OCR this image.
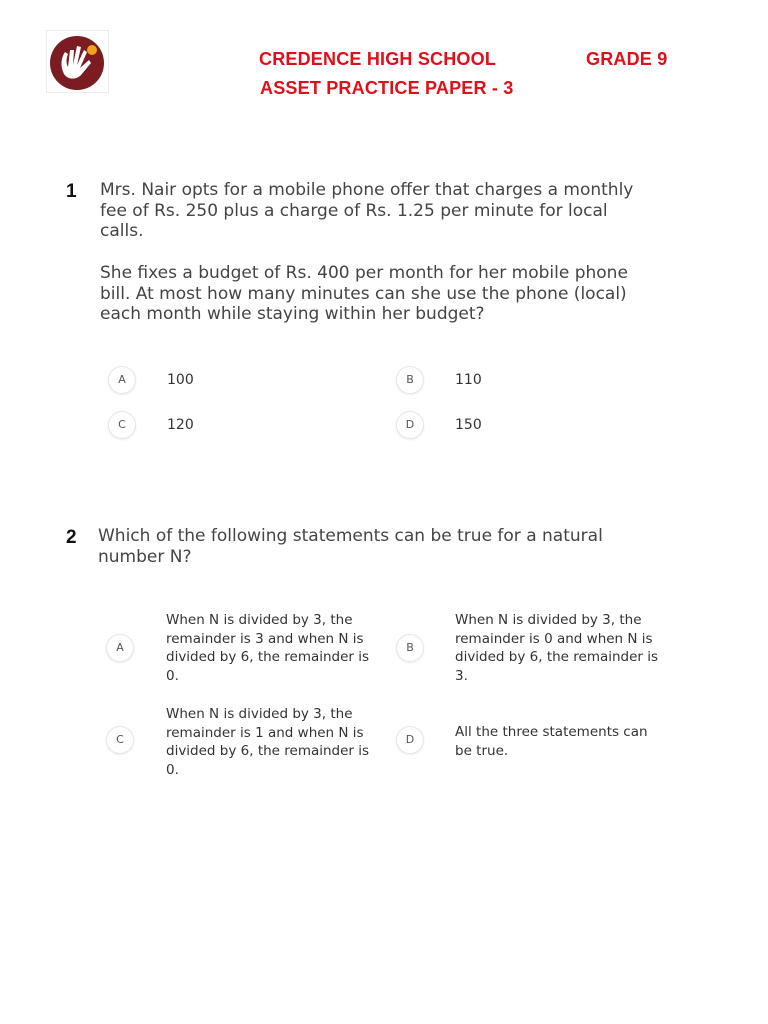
CREDENCE HIGH SCHOOL	GRADE 9
ASSET PRACTICE PAPER - 3
1 Mrs. Nair opts for a mobile phone offer that charges a monthly
fee of Rs. 250 plus a charge of Rs. 1.25 per minute for local
calls.
She fixes a budget of Rs. 400 per month for her mobile phone
bill. At most how many minutes can she use the phone (local)
each month while staying within her budget?
A	100	B	110
C	120	D	150
2 Which of the following statements can be true for a natural
number N?
A
When N is divided by 3, the
remainder is 3 and when N is
divided by 6, the remainder is
0.
B
When N is divided by 3, the
remainder is 0 and when N is
divided by 6, the remainder is
3.
C
When N is divided by 3, the
remainder is 1 and when N is
divided by 6, the remainder is
0.
D	All the three statements can
be true.
